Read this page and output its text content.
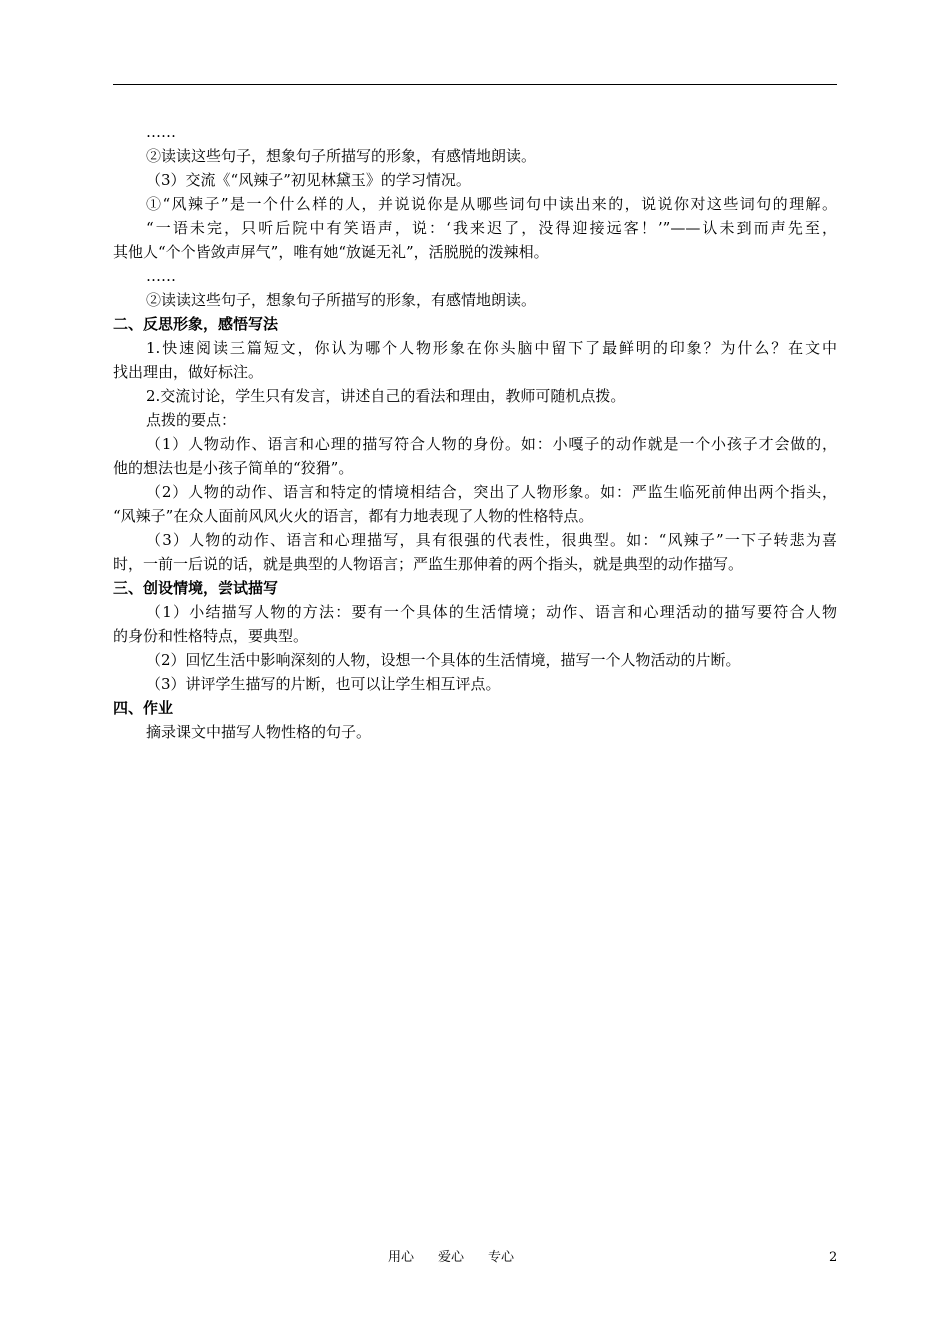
……
②读读这些句子，想象句子所描写的形象，有感情地朗读。
（3）交流《“风辣子”初见林黛玉》的学习情况。
①“风辣子”是一个什么样的人，并说说你是从哪些词句中读出来的，说说你对这些词句的理解。
“一语未完，只听后院中有笑语声，说：‘我来迟了，没得迎接远客！’”——认未到而声先至，
其他人“个个皆敛声屏气”，唯有她“放诞无礼”，活脱脱的泼辣相。
……
②读读这些句子，想象句子所描写的形象，有感情地朗读。
二、反思形象，感悟写法
1.快速阅读三篇短文，你认为哪个人物形象在你头脑中留下了最鲜明的印象？为什么？在文中
找出理由，做好标注。
2.交流讨论，学生只有发言，讲述自己的看法和理由，教师可随机点拨。
点拨的要点：
（1）人物动作、语言和心理的描写符合人物的身份。如：小嘎子的动作就是一个小孩子才会做的，
他的想法也是小孩子简单的“狡猾”。
（2）人物的动作、语言和特定的情境相结合，突出了人物形象。如：严监生临死前伸出两个指头，
“风辣子”在众人面前风风火火的语言，都有力地表现了人物的性格特点。
（3）人物的动作、语言和心理描写，具有很强的代表性，很典型。如：“风辣子”一下子转悲为喜
时，一前一后说的话，就是典型的人物语言；严监生那伸着的两个指头，就是典型的动作描写。
三、创设情境，尝试描写
（1）小结描写人物的方法：要有一个具体的生活情境；动作、语言和心理活动的描写要符合人物
的身份和性格特点，要典型。
（2）回忆生活中影响深刻的人物，设想一个具体的生活情境，描写一个人物活动的片断。
（3）讲评学生描写的片断，也可以让学生相互评点。
四、作业
摘录课文中描写人物性格的句子。
用心 爱心 专心	2
